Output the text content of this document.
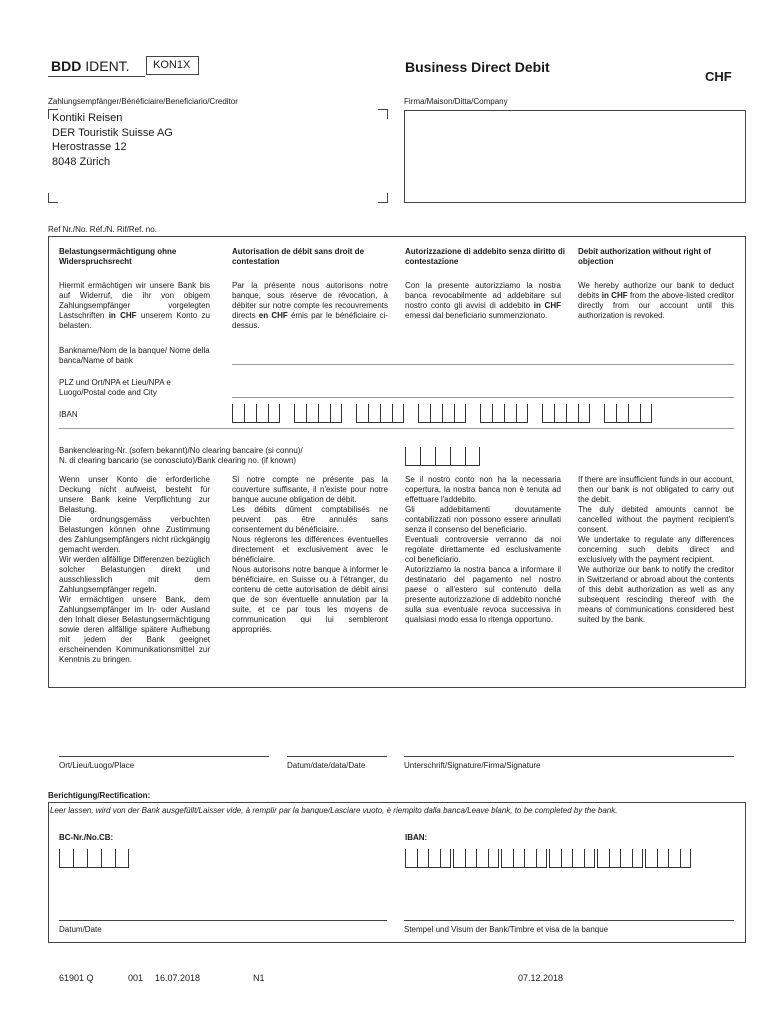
BDD IDENT.	KON1X	Business Direct Debit
CHF
Zahlungsempfänger/Bénéficiaire/Beneficiario/Creditor
Kontiki Reisen
DER Touristik Suisse AG
Herostrasse 12
8048 Zürich
Firma/Maison/Ditta/Company
Ref Nr./No. Réf./N. Rif/Ref. no.
Belastungsermächtigung ohne Widerspruchsrecht
Autorisation de débit sans droit de contestation
Autorizzazione di addebito senza diritto di contestazione
Debit authorization without right of objection
Hiermit ermächtigen wir unsere Bank bis auf Widerruf, die ihr von obigem Zahlungsempfänger vorgelegten Lastschriften in CHF unserem Konto zu belasten.
Par la présente nous autorisons notre banque, sous réserve de révocation, à débiter sur notre compte les recouvrements directs en CHF émis par le bénéficiaire ci-dessus.
Con la presente autorizziamo la nostra banca revocabilmente ad addebitare sul nostro conto gli avvisi di addebito in CHF emessi dal beneficiario summenzionato.
We hereby authorize our bank to deduct debits in CHF from the above-listed creditor directly from our account until this authorization is revoked.
Bankname/Nom de la banque/ Nome della banca/Name of bank
PLZ und Ort/NPA et Lieu/NPA e Luogo/Postal code and City
IBAN
Bankenclearing-Nr. (sofern bekannt)/No clearing bancaire (si connu)/
N. di clearing bancario (se conosciuto)/Bank clearing no. (if known)
Wenn unser Konto die erforderliche Deckung nicht aufweist, besteht für unsere Bank keine Verpflichtung zur Belastung.
Die ordnungsgemäss verbuchten Belastungen können ohne Zustimmung des Zahlungsempfängers nicht rückgängig gemacht werden.
Wir werden allfällige Differenzen bezüglich solcher Belastungen direkt und ausschliesslich mit dem Zahlungsempfänger regeln.
Wir ermächtigen unsere Bank, dem Zahlungsempfänger im In- oder Ausland den Inhalt dieser Belastungsermächtigung sowie deren allfällige spätere Aufhebung mit jedem der Bank geeignet erscheinenden Kommunikationsmittel zur Kenntnis zu bringen.
Si notre compte ne présente pas la couverture suffisante, il n'existe pour notre banque aucune obligation de débit.
Les débits dûment comptabilisés ne peuvent pas être annulés sans consentement du bénéficiaire.
Nous réglerons les différences éventuelles directement et exclusivement avec le bénéficiaire.
Nous autorisons notre banque à informer le bénéficiaire, en Suisse ou à l'étranger, du contenu de cette autorisation de débit ainsi que de son éventuelle annulation par la suite, et ce par tous les moyens de communication qui lui sembleront appropriés.
Se il nostro conto non ha la necessaria copertura, la nostra banca non è tenuta ad effettuare l'addebito.
Gli addebitamenti dovutamente contabilizzati non possono essere annullati senza il consenso del beneficiario.
Eventuali controversie verranno da noi regolate direttamente ed esclusivamente col beneficiario.
Autorizziamo la nostra banca a informare il destinatario del pagamento nel nostro paese o all'estero sul contenuto della presente autorizzazione di addebito nonché sulla sua eventuale revoca successiva in qualsiasi modo essa lo ritenga opportuno.
If there are insufficient funds in our account, then our bank is not obligated to carry out the debit.
The duly debited amounts cannot be cancelled without the payment recipient's consent.
We undertake to regulate any differences concerning such debits direct and exclusively with the payment recipient.
We authorize our bank to notify the creditor in Switzerland or abroad about the contents of this debit authorization as well as any subsequent rescinding thereof with the means of communications considered best suited by the bank.
Ort/Lieu/Luogo/Place	Datum/date/data/Date	Unterschrift/Signature/Firma/Signature
Berichtigung/Rectification:
Leer lassen, wird von der Bank ausgefüllt/Laisser vide, à remplir par la banque/Lasciare vuoto, è riempito dalla banca/Leave blank, to be completed by the bank.
BC-Nr./No.CB:	IBAN:
Datum/Date	Stempel und Visum der Bank/Timbre et visa de la banque
61901 Q	001 16.07.2018	N1	07.12.2018
